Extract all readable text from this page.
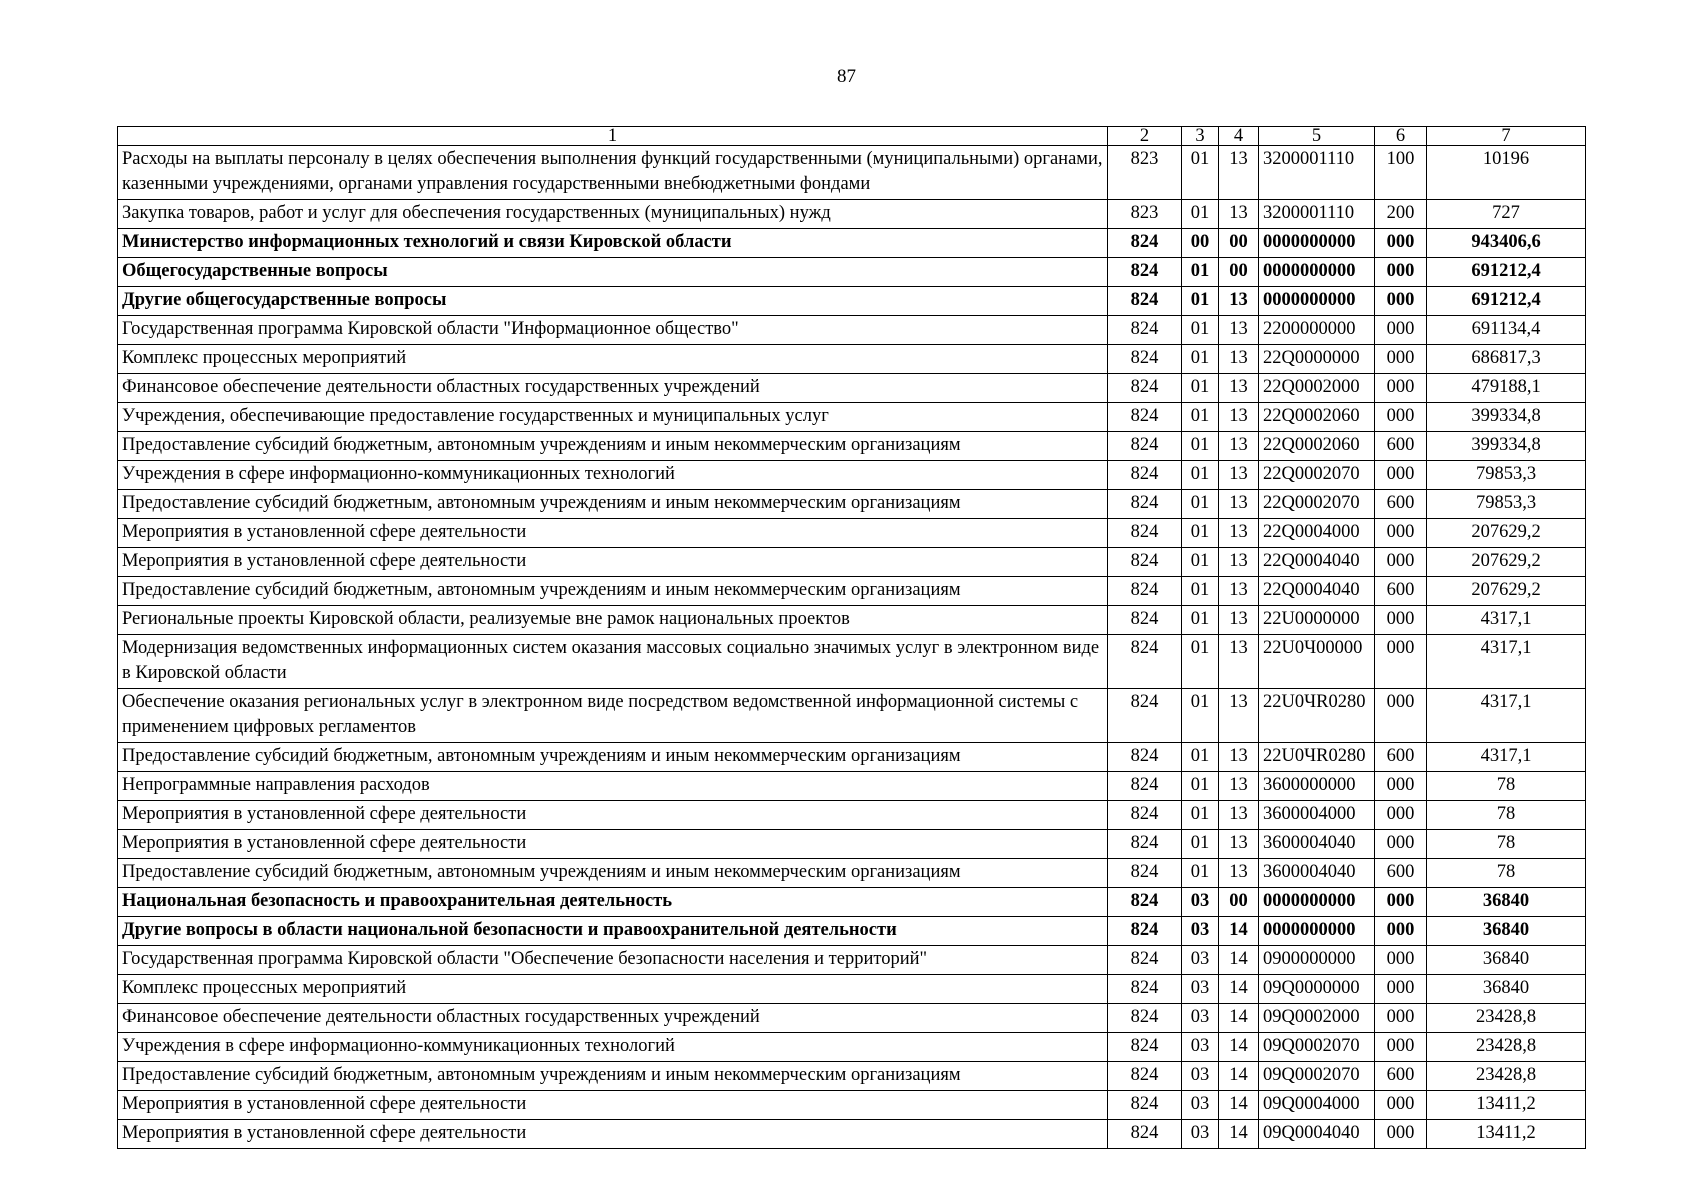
87
1	2	3	4	5	6	7
Расходы на выплаты персоналу в целях обеспечения выполнения функций государственными (муниципальными) органами, казенными учреждениями, органами управления государственными внебюджетными фондами	823	01	13	3200001110	100	10196
Закупка товаров, работ и услуг для обеспечения государственных (муниципальных) нужд	823	01	13	3200001110	200	727
Министерство информационных технологий и связи Кировской области	824	00	00	0000000000	000	943406,6
Общегосударственные вопросы	824	01	00	0000000000	000	691212,4
Другие общегосударственные вопросы	824	01	13	0000000000	000	691212,4
Государственная программа Кировской области "Информационное общество"	824	01	13	2200000000	000	691134,4
Комплекс процессных мероприятий	824	01	13	22Q0000000	000	686817,3
Финансовое обеспечение деятельности областных государственных учреждений	824	01	13	22Q0002000	000	479188,1
Учреждения, обеспечивающие предоставление государственных и муниципальных услуг	824	01	13	22Q0002060	000	399334,8
Предоставление субсидий бюджетным, автономным учреждениям и иным некоммерческим организациям	824	01	13	22Q0002060	600	399334,8
Учреждения в сфере информационно-коммуникационных технологий	824	01	13	22Q0002070	000	79853,3
Предоставление субсидий бюджетным, автономным учреждениям и иным некоммерческим организациям	824	01	13	22Q0002070	600	79853,3
Мероприятия в установленной сфере деятельности	824	01	13	22Q0004000	000	207629,2
Мероприятия в установленной сфере деятельности	824	01	13	22Q0004040	000	207629,2
Предоставление субсидий бюджетным, автономным учреждениям и иным некоммерческим организациям	824	01	13	22Q0004040	600	207629,2
Региональные проекты Кировской области, реализуемые вне рамок национальных проектов	824	01	13	22U0000000	000	4317,1
Модернизация ведомственных информационных систем оказания массовых социально значимых услуг в электронном виде в Кировской области	824	01	13	22U0Ч00000	000	4317,1
Обеспечение оказания региональных услуг в электронном виде посредством ведомственной информационной системы с применением цифровых регламентов	824	01	13	22U0ЧR0280	000	4317,1
Предоставление субсидий бюджетным, автономным учреждениям и иным некоммерческим организациям	824	01	13	22U0ЧR0280	600	4317,1
Непрограммные направления расходов	824	01	13	3600000000	000	78
Мероприятия в установленной сфере деятельности	824	01	13	3600004000	000	78
Мероприятия в установленной сфере деятельности	824	01	13	3600004040	000	78
Предоставление субсидий бюджетным, автономным учреждениям и иным некоммерческим организациям	824	01	13	3600004040	600	78
Национальная безопасность и правоохранительная деятельность	824	03	00	0000000000	000	36840
Другие вопросы в области национальной безопасности и правоохранительной деятельности	824	03	14	0000000000	000	36840
Государственная программа Кировской области "Обеспечение безопасности населения и территорий"	824	03	14	0900000000	000	36840
Комплекс процессных мероприятий	824	03	14	09Q0000000	000	36840
Финансовое обеспечение деятельности областных государственных учреждений	824	03	14	09Q0002000	000	23428,8
Учреждения в сфере информационно-коммуникационных технологий	824	03	14	09Q0002070	000	23428,8
Предоставление субсидий бюджетным, автономным учреждениям и иным некоммерческим организациям	824	03	14	09Q0002070	600	23428,8
Мероприятия в установленной сфере деятельности	824	03	14	09Q0004000	000	13411,2
Мероприятия в установленной сфере деятельности	824	03	14	09Q0004040	000	13411,2
